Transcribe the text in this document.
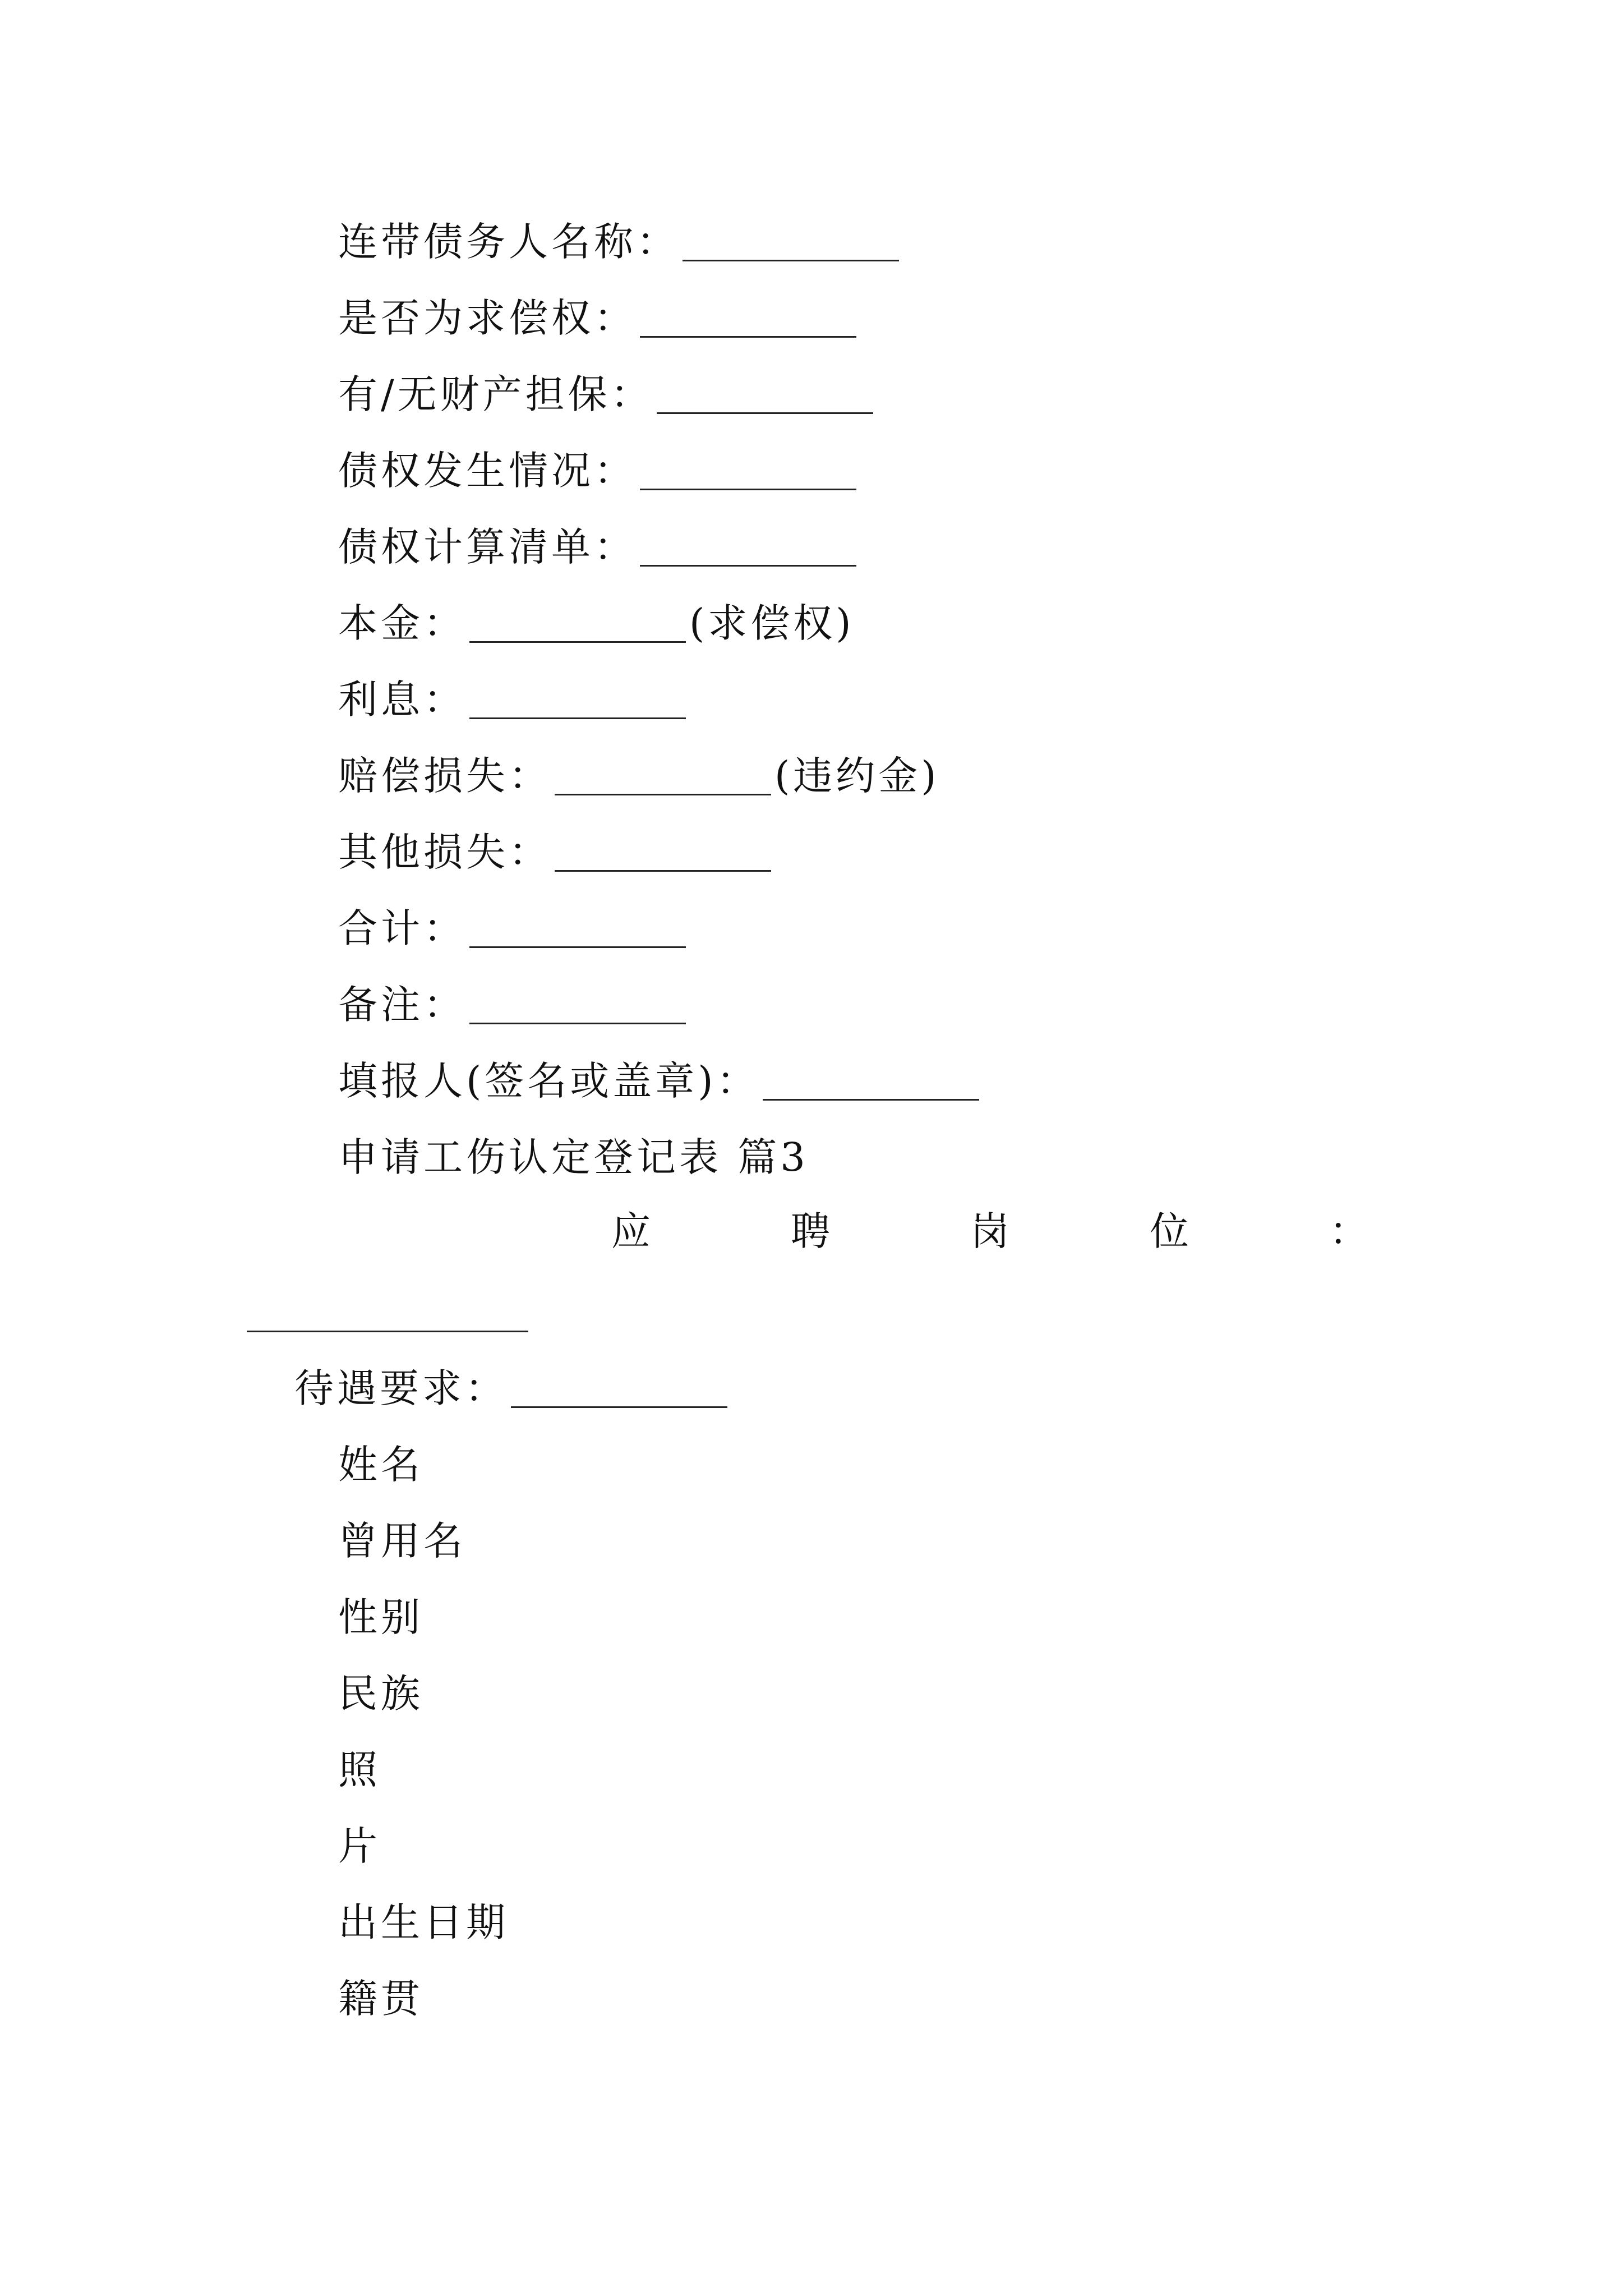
连带债务人名称：
是否为求偿权：
有/无财产担保：
债权发生情况：
债权计算清单：
本金：	(求偿权)
利息：
赔偿损失：	(违约金)
其他损失：
合计：
备注：
填报人(签名或盖章)：
申请工伤认定登记表 篇3
应	聘	岗	位	：
待遇要求：
姓名
曾用名
性别
民族
照
片
出生日期
籍贯
